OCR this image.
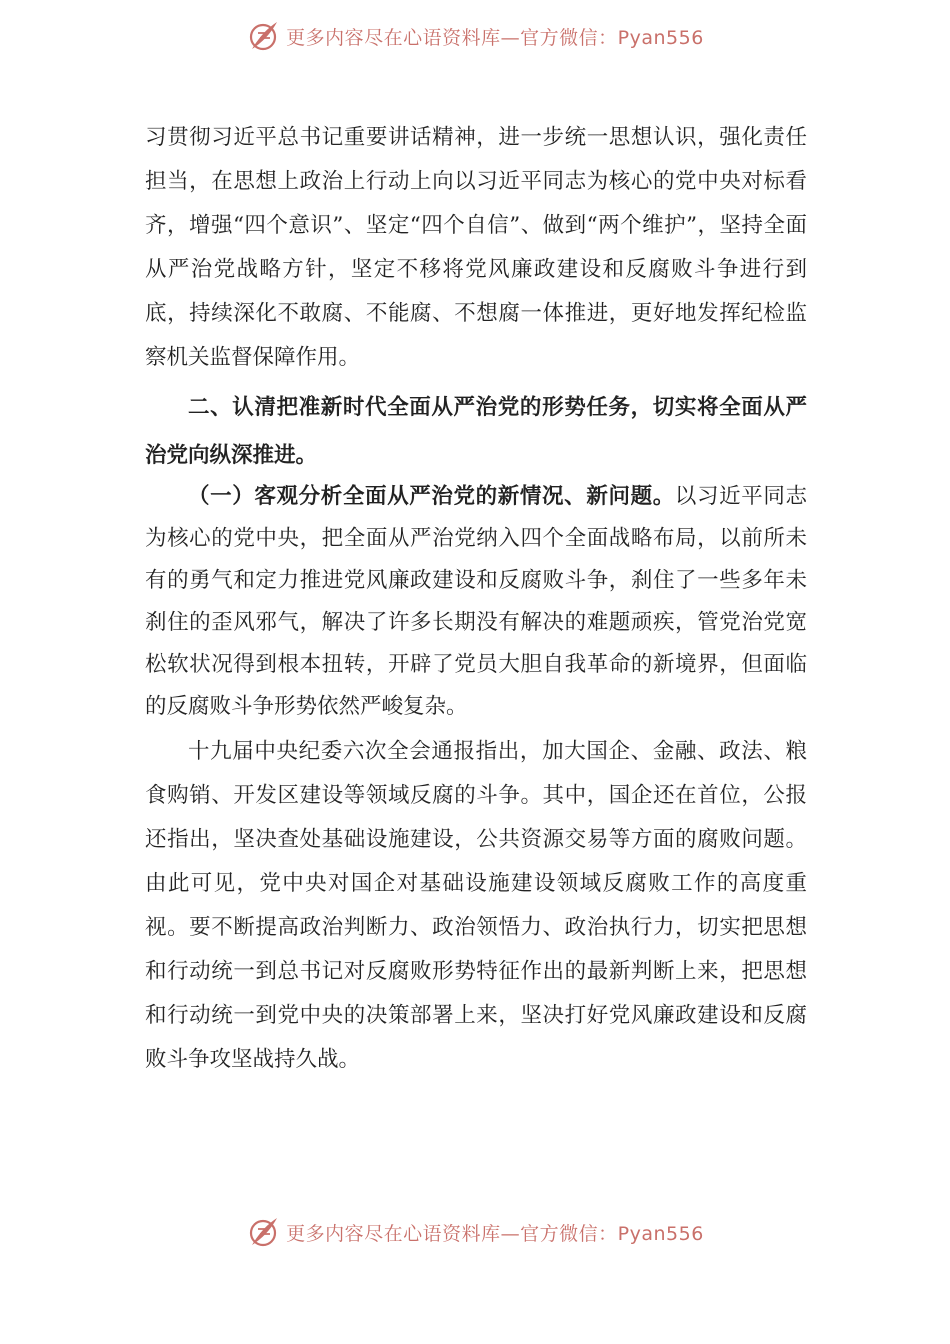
更多内容尽在心语资料库—官方微信：Pyan556

习贯彻习近平总书记重要讲话精神，进一步统一思想认识，强化责任担当，在思想上政治上行动上向以习近平同志为核心的党中央对标看齐，增强“四个意识”、坚定“四个自信”、做到“两个维护”，坚持全面从严治党战略方针，坚定不移将党风廉政建设和反腐败斗争进行到底，持续深化不敢腐、不能腐、不想腐一体推进，更好地发挥纪检监察机关监督保障作用。

二、认清把准新时代全面从严治党的形势任务，切实将全面从严治党向纵深推进。

（一）客观分析全面从严治党的新情况、新问题。以习近平同志为核心的党中央，把全面从严治党纳入四个全面战略布局，以前所未有的勇气和定力推进党风廉政建设和反腐败斗争，刹住了一些多年未刹住的歪风邪气，解决了许多长期没有解决的难题顽疾，管党治党宽松软状况得到根本扭转，开辟了党员大胆自我革命的新境界，但面临的反腐败斗争形势依然严峻复杂。

十九届中央纪委六次全会通报指出，加大国企、金融、政法、粮食购销、开发区建设等领域反腐的斗争。其中，国企还在首位，公报还指出，坚决查处基础设施建设，公共资源交易等方面的腐败问题。由此可见，党中央对国企对基础设施建设领域反腐败工作的高度重视。要不断提高政治判断力、政治领悟力、政治执行力，切实把思想和行动统一到总书记对反腐败形势特征作出的最新判断上来，把思想和行动统一到党中央的决策部署上来，坚决打好党风廉政建设和反腐败斗争攻坚战持久战。

更多内容尽在心语资料库—官方微信：Pyan556
